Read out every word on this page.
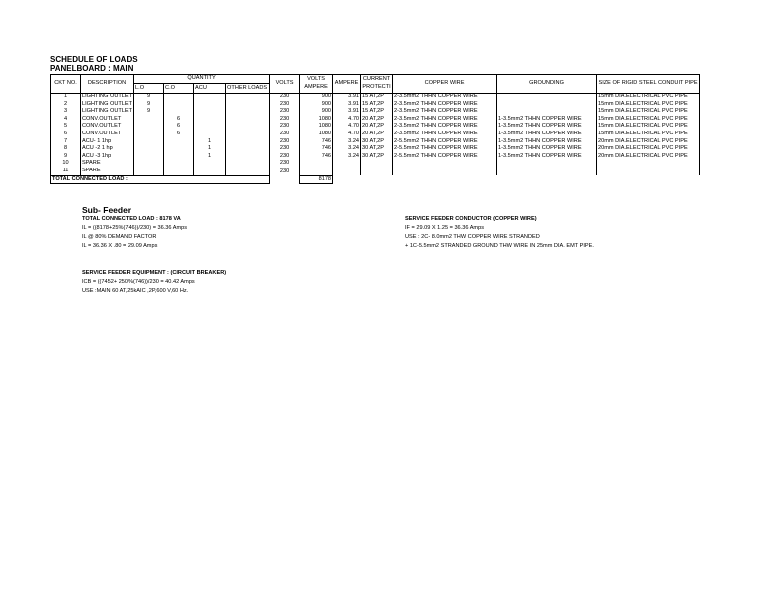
SCHEDULE OF LOADS
PANELBOARD : MAIN
CKT NO.	DESCRIPTION	QUANTITY				VOLTS	VOLTS	AMPERE	CURRENT	COPPER WIRE	GROUNDING	SIZE OF RIGID STEEL CONDUIT PIPE
		L.O	C.O	ACU	OTHER LOADS		AMPERE		PROTECTI			

1	LIGHTING OUTLET	9				230	900	3.91	15 AT,2P	2-3.5mm2 THHN COPPER WIRE		15mm DIA.ELECTRICAL PVC PIPE
2	LIGHTING OUTLET	9				230	900	3.91	15 AT,2P	2-3.5mm2 THHN COPPER WIRE		15mm DIA.ELECTRICAL PVC PIPE
3	LIGHTING OUTLET	9				230	900	3.91	15 AT,2P	2-3.5mm2 THHN COPPER WIRE		15mm DIA.ELECTRICAL PVC PIPE
4	CONV.OUTLET		6			230	1080	4.70	20 AT,2P	2-3.5mm2 THHN COPPER WIRE	1-3.5mm2 THHN COPPER WIRE	15mm DIA.ELECTRICAL PVC PIPE
5	CONV.OUTLET		6			230	1080	4.70	20 AT,2P	2-3.5mm2 THHN COPPER WIRE	1-3.5mm2 THHN COPPER WIRE	15mm DIA.ELECTRICAL PVC PIPE
6	CONV.OUTLET		6			230	1080	4.70	20 AT,2P	2-3.5mm2 THHN COPPER WIRE	1-3.5mm2 THHN COPPER WIRE	15mm DIA.ELECTRICAL PVC PIPE
7	ACU- 1 1hp			1		230	746	3.24	30 AT,2P	2-5.5mm2 THHN COPPER WIRE	1-3.5mm2 THHN COPPER WIRE	20mm DIA.ELECTRICAL PVC PIPE
8	ACU -2 1 hp			1		230	746	3.24	30 AT,2P	2-5.5mm2 THHN COPPER WIRE	1-3.5mm2 THHN COPPER WIRE	20mm DIA.ELECTRICAL PVC PIPE
9	ACU -3 1hp			1		230	746	3.24	30 AT,2P	2-5.5mm2 THHN COPPER WIRE	1-3.5mm2 THHN COPPER WIRE	20mm DIA.ELECTRICAL PVC PIPE
10	SPARE					230						
11	SPARE					230						
TOTAL CONNECTED LOAD :							8178					
Sub- Feeder
TOTAL CONNECTED LOAD : 8178 VA
IL = ((8178+25%(746))/230) = 36.36 Amps
IL @ 80% DEMAND FACTOR
IL = 36.36 X .80 = 29.09 Amps
SERVICE FEEDER EQUIPMENT : (CIRCUIT BREAKER)
ICB = ((7452+ 250%(746))/230 = 40.42 Amps
USE :MAIN 60 AT,25kAIC ,2P,600 V,60 Hz.
SERVICE FEEDER CONDUCTOR (COPPER WIRE)
IF = 29.09 X 1.25 = 36.36 Amps
USE : 2C- 8.0mm2 THW COPPER WIRE STRANDED
+ 1C-5.5mm2 STRANDED GROUND THW WIRE IN 25mm DIA. EMT PIPE.
